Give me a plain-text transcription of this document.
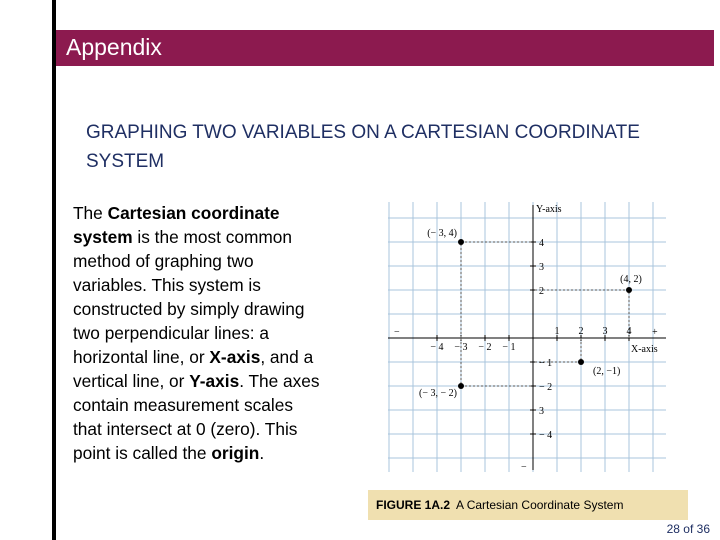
Appendix
GRAPHING TWO VARIABLES ON A CARTESIAN COORDINATE SYSTEM
The Cartesian coordinate system is the most common method of graphing two variables. This system is constructed by simply drawing two perpendicular lines: a horizontal line, or X-axis, and a vertical line, or Y-axis. The axes contain measurement scales that intersect at 0 (zero). This point is called the origin.
Y-axis
X-axis
−	+
−
− 4 − 3 − 2 − 1
1 2 3 4
4
3
2
− 1
− 2
3
− 4
(− 3, 4)
(4, 2)
(2, −1)
(− 3, − 2)
FIGURE 1A.2 A Cartesian Coordinate System
28 of 36
